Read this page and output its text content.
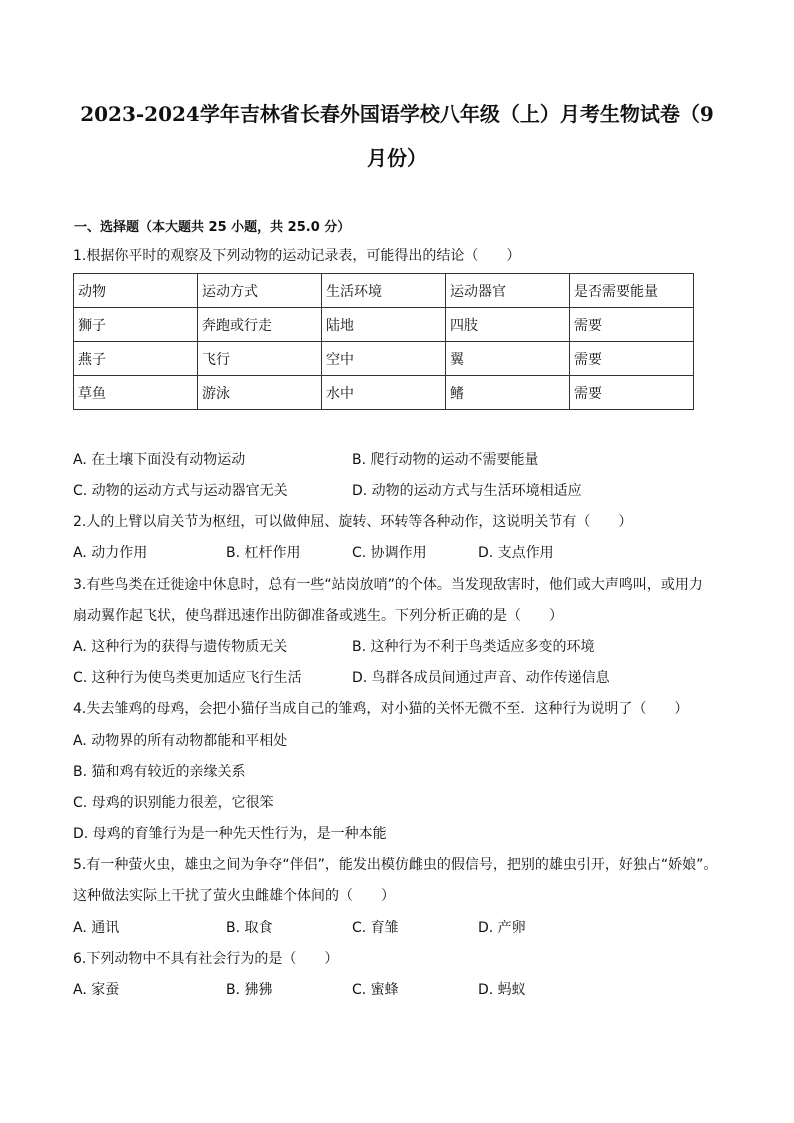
2023-2024学年吉林省长春外国语学校八年级（上）月考生物试卷（9
月份）
一、选择题（本大题共 25 小题，共 25.0 分）
1.根据你平时的观察及下列动物的运动记录表，可能得出的结论（　　）
动物	运动方式	生活环境	运动器官	是否需要能量
狮子	奔跑或行走	陆地	四肢	需要
燕子	飞行	空中	翼	需要
草鱼	游泳	水中	鳍	需要
A. 在土壤下面没有动物运动	B. 爬行动物的运动不需要能量
C. 动物的运动方式与运动器官无关	D. 动物的运动方式与生活环境相适应
2.人的上臂以肩关节为枢纽，可以做伸屈、旋转、环转等各种动作，这说明关节有（　　）
A. 动力作用	B. 杠杆作用	C. 协调作用	D. 支点作用
3.有些鸟类在迁徙途中休息时，总有一些“站岗放哨”的个体。当发现敌害时，他们或大声鸣叫，或用力
扇动翼作起飞状，使鸟群迅速作出防御准备或逃生。下列分析正确的是（　　）
A. 这种行为的获得与遗传物质无关	B. 这种行为不利于鸟类适应多变的环境
C. 这种行为使鸟类更加适应飞行生活	D. 鸟群各成员间通过声音、动作传递信息
4.失去雏鸡的母鸡，会把小猫仔当成自己的雏鸡，对小猫的关怀无微不至．这种行为说明了（　　）
A. 动物界的所有动物都能和平相处
B. 猫和鸡有较近的亲缘关系
C. 母鸡的识别能力很差，它很笨
D. 母鸡的育雏行为是一种先天性行为，是一种本能
5.有一种萤火虫，雄虫之间为争夺“伴侣”，能发出模仿雌虫的假信号，把别的雄虫引开，好独占“娇娘”。
这种做法实际上干扰了萤火虫雌雄个体间的（　　）
A. 通讯	B. 取食	C. 育雏	D. 产卵
6.下列动物中不具有社会行为的是（　　）
A. 家蚕	B. 狒狒	C. 蜜蜂	D. 蚂蚁
